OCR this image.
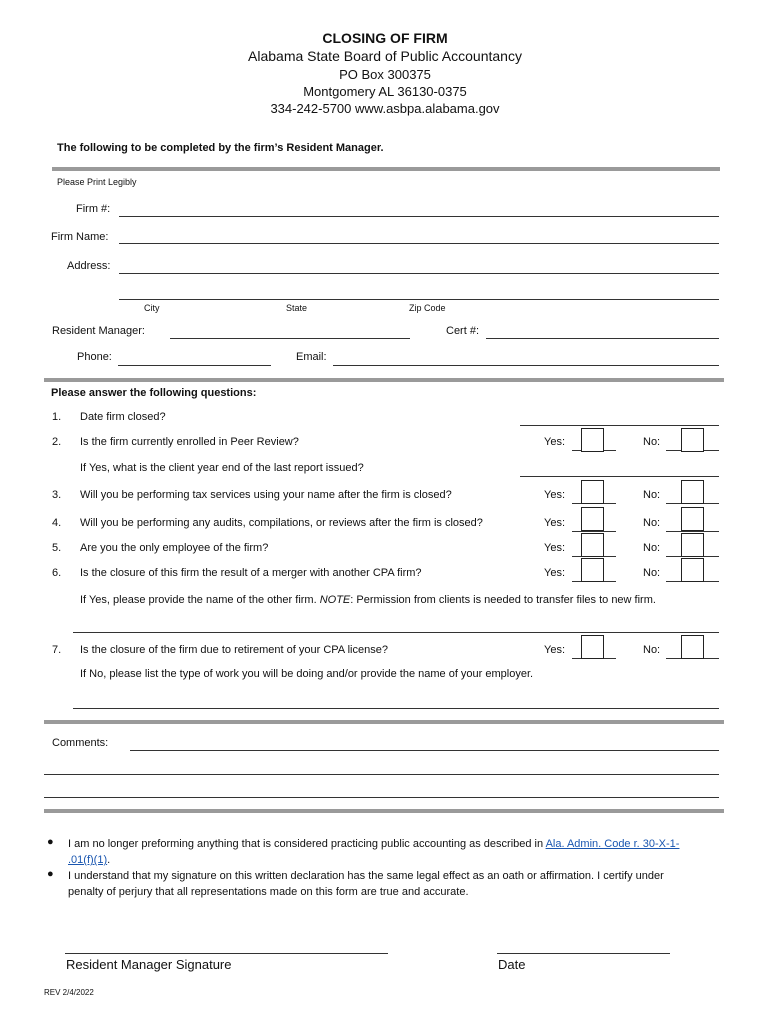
CLOSING OF FIRM
Alabama State Board of Public Accountancy
PO Box 300375
Montgomery AL 36130-0375
334-242-5700 www.asbpa.alabama.gov
The following to be completed by the firm’s Resident Manager.
Please Print Legibly
Firm #:
Firm Name:
Address:
City	State	Zip Code
Resident Manager:	Cert #:
Phone:	Email:
Please answer the following questions:
1. Date firm closed?
2. Is the firm currently enrolled in Peer Review?	Yes:	No:
If Yes, what is the client year end of the last report issued?
3. Will you be performing tax services using your name after the firm is closed?	Yes:	No:
4. Will you be performing any audits, compilations, or reviews after the firm is closed?	Yes:	No:
5. Are you the only employee of the firm?	Yes:	No:
6. Is the closure of this firm the result of a merger with another CPA firm?	Yes:	No:
If Yes, please provide the name of the other firm. NOTE: Permission from clients is needed to transfer files to new firm.
7. Is the closure of the firm due to retirement of your CPA license?	Yes:	No:
If No, please list the type of work you will be doing and/or provide the name of your employer.
Comments:
● I am no longer preforming anything that is considered practicing public accounting as described in Ala. Admin. Code r. 30-X-1-
.01(f)(1).
● I understand that my signature on this written declaration has the same legal effect as an oath or affirmation. I certify under
penalty of perjury that all representations made on this form are true and accurate.
Resident Manager Signature	Date
REV 2/4/2022
